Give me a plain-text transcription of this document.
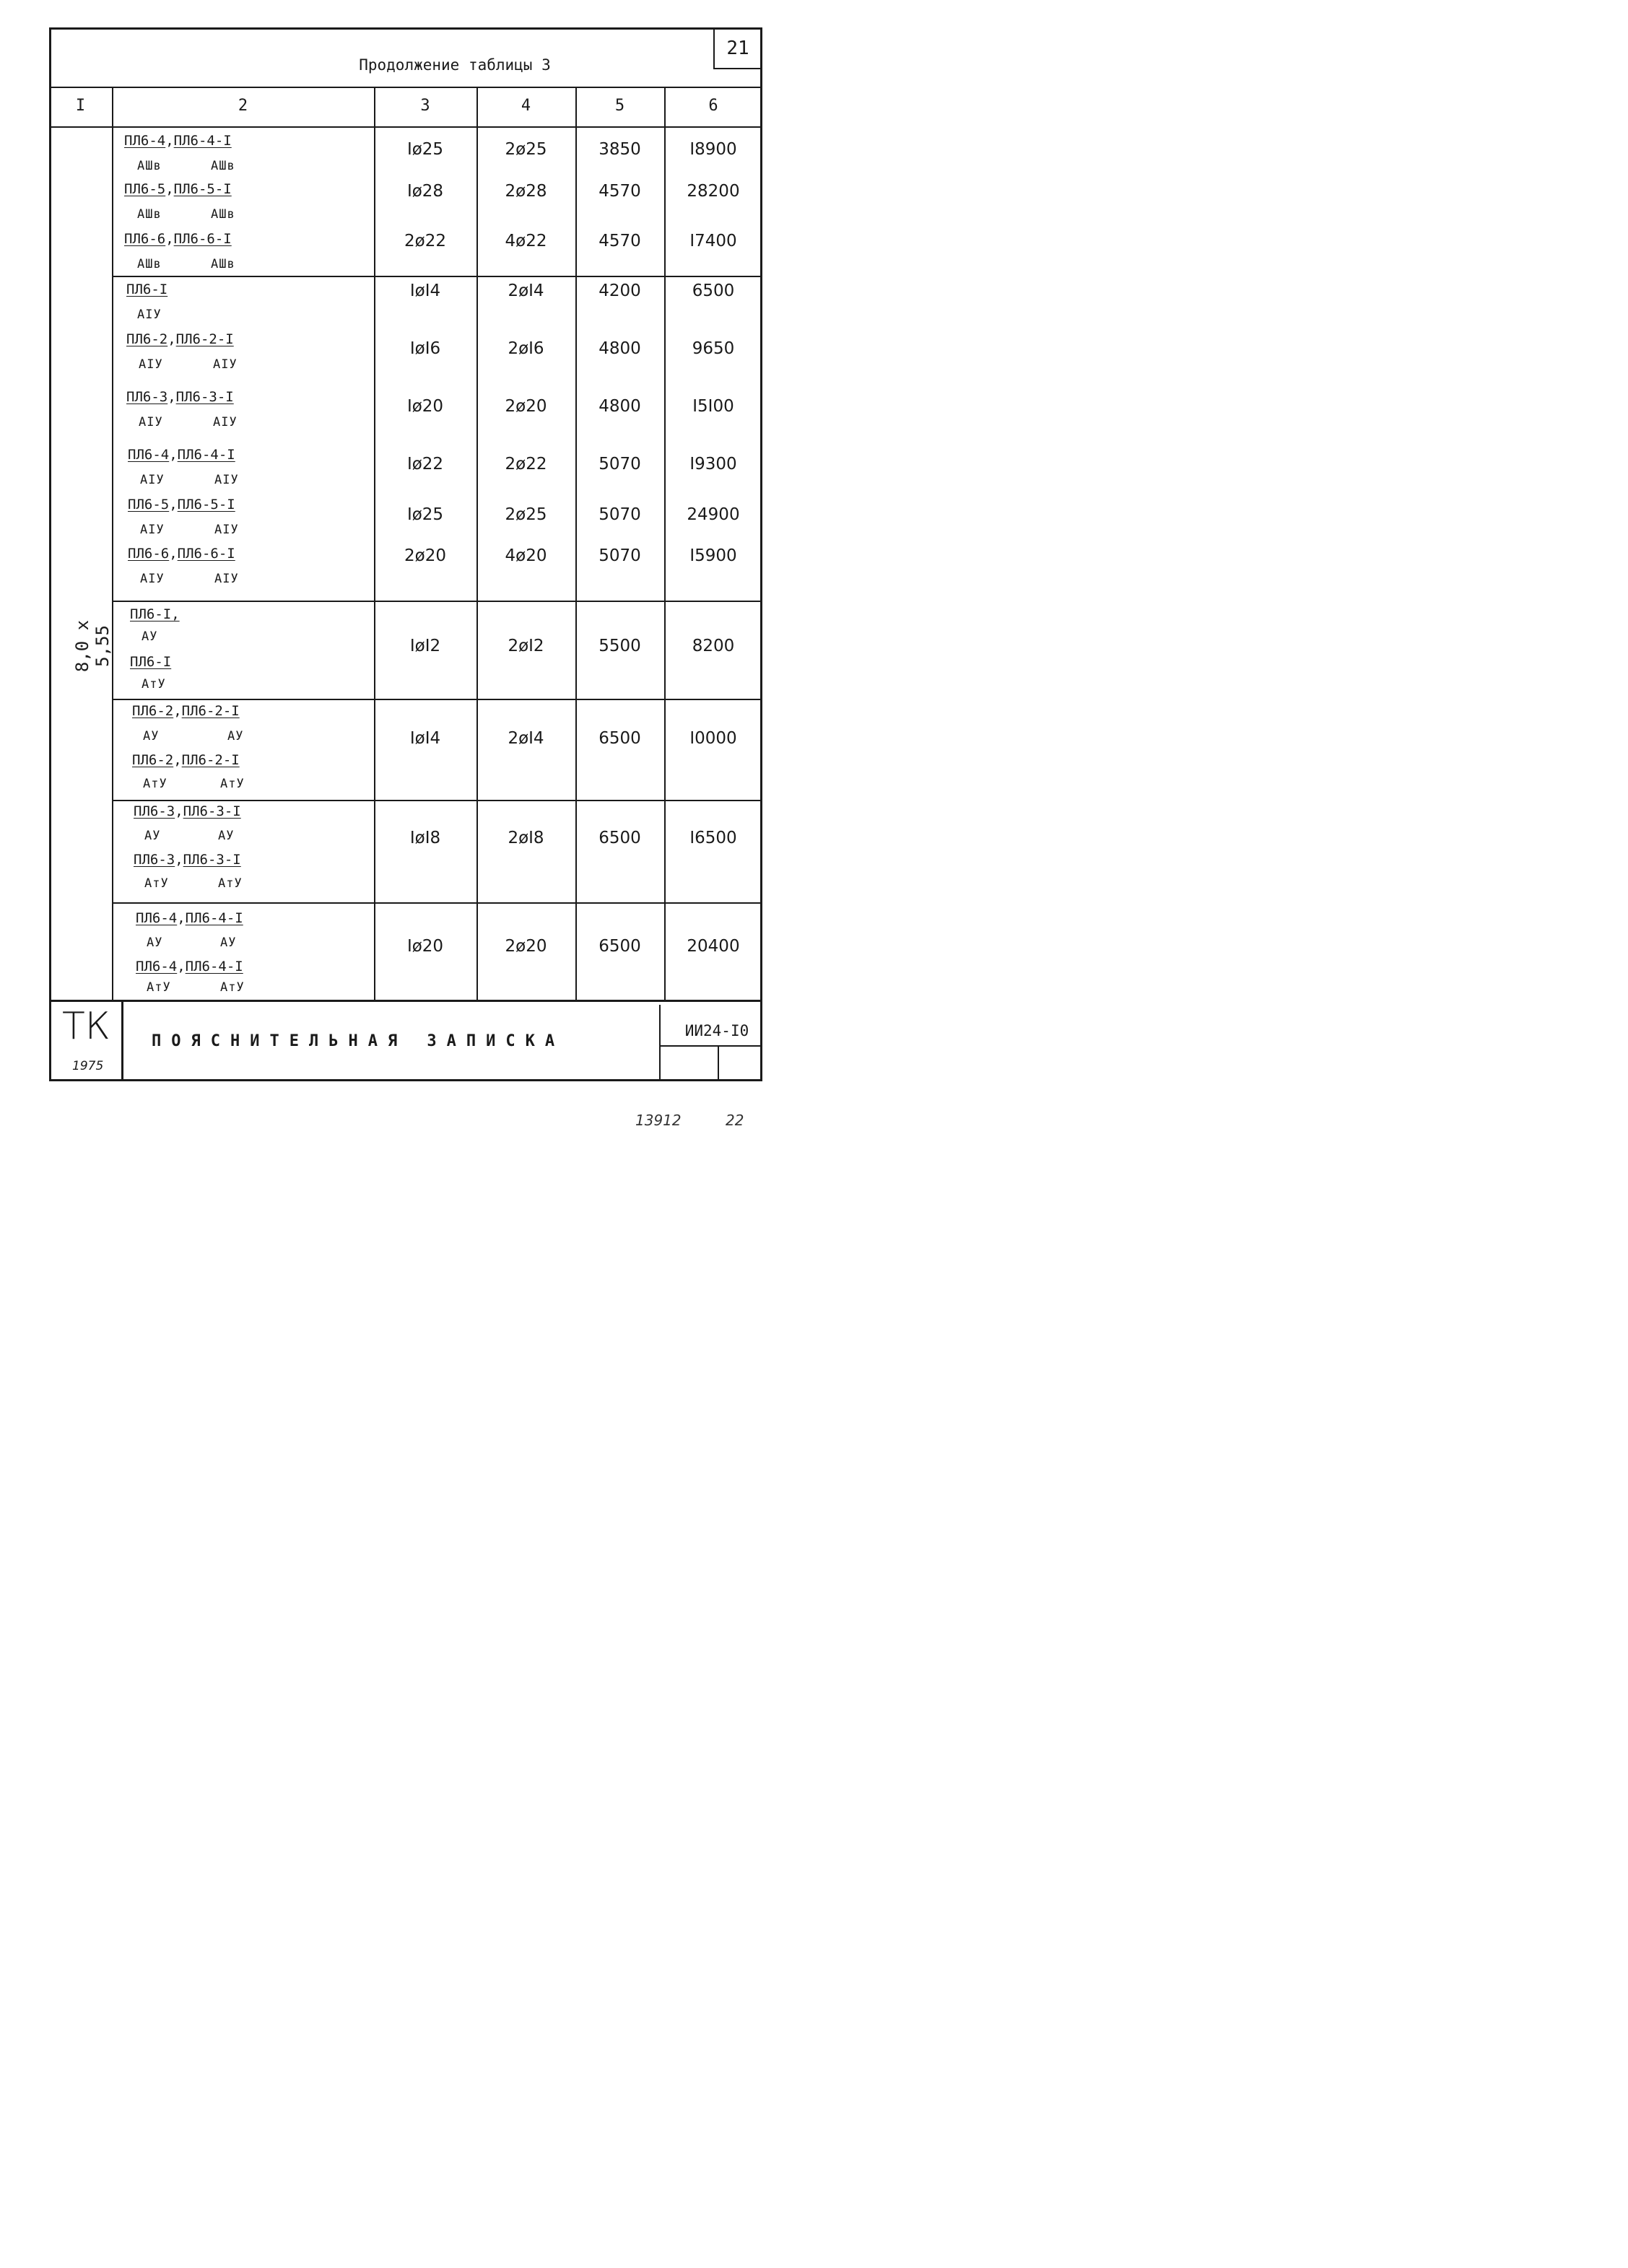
21
Продолжение таблицы 3
I	2	3	4	5	6
8,0 x 5,55
ПЛ6-4,ПЛ6-4-I
АШв	АШв
Iø25	2ø25	3850	I8900
ПЛ6-5,ПЛ6-5-I
АШв	АШв
Iø28	2ø28	4570	28200
ПЛ6-6,ПЛ6-6-I
АШв	АШв
2ø22	4ø22	4570	I7400
ПЛ6-I
АIУ
IøI4	2øI4	4200	6500
ПЛ6-2,ПЛ6-2-I
АIУ	АIУ
IøI6	2øI6	4800	9650
ПЛ6-3,ПЛ6-3-I
АIУ	АIУ
Iø20	2ø20	4800	I5I00
ПЛ6-4,ПЛ6-4-I
АIУ	АIУ
Iø22	2ø22	5070	I9300
ПЛ6-5,ПЛ6-5-I
АIУ	АIУ
Iø25	2ø25	5070	24900
ПЛ6-6,ПЛ6-6-I
АIУ	АIУ
2ø20	4ø20	5070	I5900
ПЛ6-I,
АУ
ПЛ6-I
АтУ
IøI2	2øI2	5500	8200
ПЛ6-2,ПЛ6-2-I
АУ	АУ
ПЛ6-2,ПЛ6-2-I
АтУ	АтУ
IøI4	2øI4	6500	I0000
ПЛ6-3,ПЛ6-3-I
АУ	АУ
ПЛ6-3,ПЛ6-3-I
АтУ	АтУ
IøI8	2øI8	6500	I6500
ПЛ6-4,ПЛ6-4-I
АУ	АУ
ПЛ6-4,ПЛ6-4-I
АтУ	АтУ
Iø20	2ø20	6500	20400
ТК
1975
ПОЯСНИТЕЛЬНАЯ ЗАПИСКА
ИИ24-I0
13912	22
